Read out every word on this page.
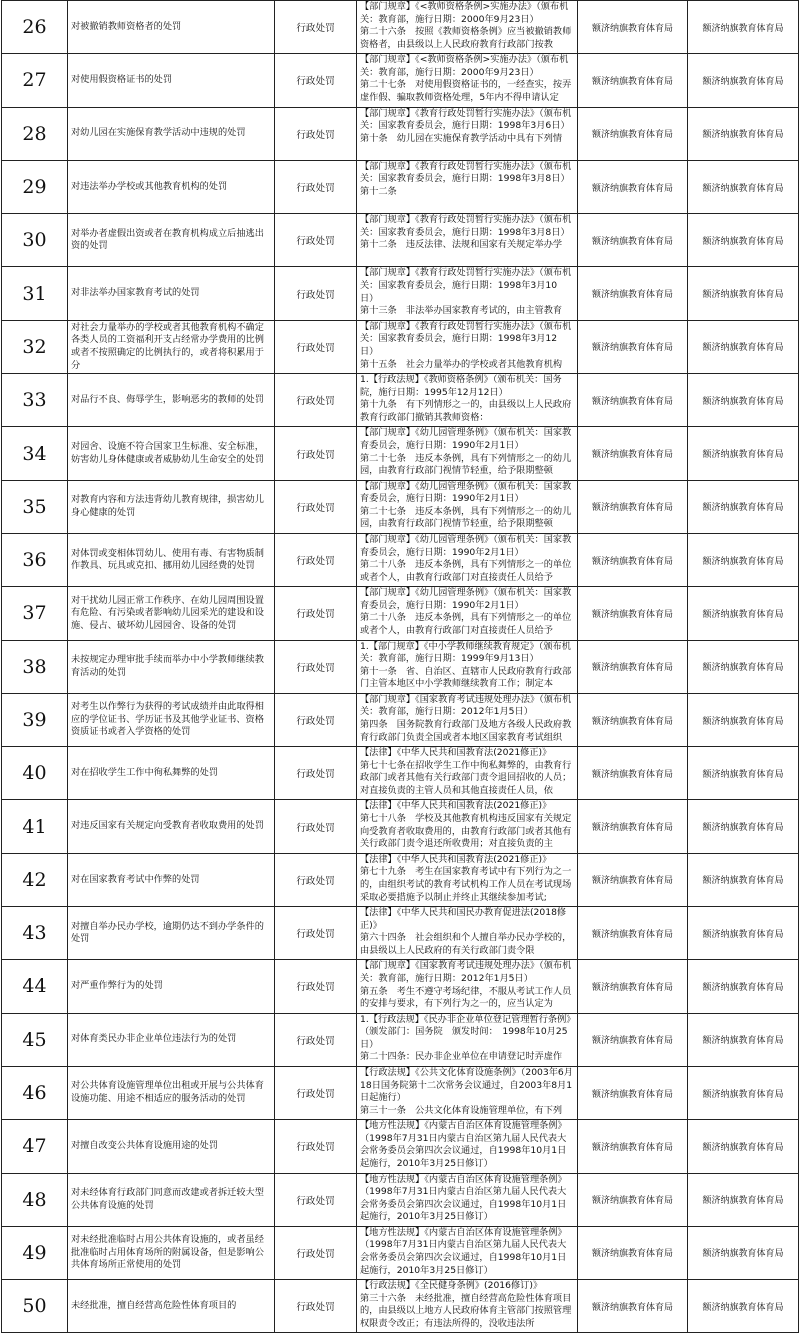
26	对被撤销教师资格者的处罚	行政处罚	【部门规章】《<教师资格条例>实施办法》（颁布机关：教育部，施行日期：2000年9月23日）
第二十六条　按照《教师资格条例》应当被撤销教师资格者，由县级以上人民政府教育行政部门按教	额济纳旗教育体育局	额济纳旗教育体育局
27	对使用假资格证书的处罚	行政处罚	【部门规章】《<教师资格条例>实施办法》（颁布机关：教育部，施行日期：2000年9月23日）
第二十七条　对使用假资格证书的，一经查实，按弄虚作假、骗取教师资格处理，5年内不得申请认定	额济纳旗教育体育局	额济纳旗教育体育局
28	对幼儿园在实施保育教学活动中违规的处罚	行政处罚	【部门规章】《教育行政处罚暂行实施办法》（颁布机关：国家教育委员会，施行日期：1998年3月6日）
第十条　幼儿园在实施保育教学活动中具有下列情	额济纳旗教育体育局	额济纳旗教育体育局
29	对违法举办学校或其他教育机构的处罚	行政处罚	【部门规章】《教育行政处罚暂行实施办法》（颁布机关：国家教育委员会，施行日期：1998年3月8日）
第十二条	额济纳旗教育体育局	额济纳旗教育体育局
30	对举办者虚假出资或者在教育机构成立后抽逃出资的处罚	行政处罚	【部门规章】《教育行政处罚暂行实施办法》（颁布机关：国家教育委员会，施行日期：1998年3月8日）
第十二条　违反法律、法规和国家有关规定举办学	额济纳旗教育体育局	额济纳旗教育体育局
31	对非法举办国家教育考试的处罚	行政处罚	【部门规章】《教育行政处罚暂行实施办法》（颁布机关：国家教育委员会，施行日期：1998年3月10日）
第十三条　非法举办国家教育考试的，由主管教育	额济纳旗教育体育局	额济纳旗教育体育局
32	对社会力量举办的学校或者其他教育机构不确定各类人员的工资福利开支占经常办学费用的比例或者不按照确定的比例执行的，或者将积累用于分	行政处罚	【部门规章】《教育行政处罚暂行实施办法》（颁布机关：国家教育委员会，施行日期：1998年3月12日）
第十五条　社会力量举办的学校或者其他教育机构	额济纳旗教育体育局	额济纳旗教育体育局
33	对品行不良、侮辱学生，影响恶劣的教师的处罚	行政处罚	1.【行政法规】《教师资格条例》（颁布机关：国务院，施行日期：1995年12月12日）
第十九条　有下列情形之一的，由县级以上人民政府教育行政部门撤销其教师资格：	额济纳旗教育体育局	额济纳旗教育体育局
34	对园舍、设施不符合国家卫生标准、安全标准，妨害幼儿身体健康或者威胁幼儿生命安全的处罚	行政处罚	【部门规章】《幼儿园管理条例》（颁布机关：国家教育委员会，施行日期：1990年2月1日）
第二十七条　违反本条例，具有下列情形之一的幼儿园，由教育行政部门视情节轻重，给予限期整顿	额济纳旗教育体育局	额济纳旗教育体育局
35	对教育内容和方法违背幼儿教育规律，损害幼儿身心健康的处罚	行政处罚	【部门规章】《幼儿园管理条例》（颁布机关：国家教育委员会，施行日期：1990年2月1日）
第二十七条　违反本条例，具有下列情形之一的幼儿园，由教育行政部门视情节轻重，给予限期整顿	额济纳旗教育体育局	额济纳旗教育体育局
36	对体罚或变相体罚幼儿、使用有毒、有害物质制作教具、玩具或克扣、挪用幼儿园经费的处罚	行政处罚	【部门规章】《幼儿园管理条例》（颁布机关：国家教育委员会，施行日期：1990年2月1日）
第二十八条　违反本条例，具有下列情形之一的单位或者个人，由教育行政部门对直接责任人员给予	额济纳旗教育体育局	额济纳旗教育体育局
37	对干扰幼儿园正常工作秩序、在幼儿园周围设置有危险、有污染或者影响幼儿园采光的建设和设施、侵占、破坏幼儿园园舍、设备的处罚	行政处罚	【部门规章】《幼儿园管理条例》（颁布机关：国家教育委员会，施行日期：1990年2月1日）
第二十八条　违反本条例，具有下列情形之一的单位或者个人，由教育行政部门对直接责任人员给予	额济纳旗教育体育局	额济纳旗教育体育局
38	未按规定办理审批手续而举办中小学教师继续教育活动的处罚	行政处罚	1.【部门规章】《中小学教师继续教育规定》（颁布机关：教育部，施行日期：1999年9月13日）
第十一条　省、自治区、直辖市人民政府教育行政部门主管本地区中小学教师继续教育工作；制定本	额济纳旗教育体育局	额济纳旗教育体育局
39	对考生以作弊行为获得的考试成绩并由此取得相应的学位证书、学历证书及其他学业证书、资格资质证书或者入学资格的处罚	行政处罚	【部门规章】《国家教育考试违规处理办法》（颁布机关：教育部，施行日期：2012年1月5日）
第四条　国务院教育行政部门及地方各级人民政府教育行政部门负责全国或者本地区国家教育考试组织	额济纳旗教育体育局	额济纳旗教育体育局
40	对在招收学生工作中徇私舞弊的处罚	行政处罚	【法律】《中华人民共和国教育法(2021修正)》
第七十七条在招收学生工作中徇私舞弊的，由教育行政部门或者其他有关行政部门责令退回招收的人员；对直接负责的主管人员和其他直接责任人员，依	额济纳旗教育体育局	额济纳旗教育体育局
41	对违反国家有关规定向受教育者收取费用的处罚	行政处罚	【法律】《中华人民共和国教育法(2021修正)》
第七十八条　学校及其他教育机构违反国家有关规定向受教育者收取费用的，由教育行政部门或者其他有关行政部门责令退还所收费用；对直接负责的主	额济纳旗教育体育局	额济纳旗教育体育局
42	对在国家教育考试中作弊的处罚	行政处罚	【法律】《中华人民共和国教育法(2021修正)》
第七十九条　考生在国家教育考试中有下列行为之一的，由组织考试的教育考试机构工作人员在考试现场采取必要措施予以制止并终止其继续参加考试;	额济纳旗教育体育局	额济纳旗教育体育局
43	对擅自举办民办学校，逾期仍达不到办学条件的处罚	行政处罚	【法律】《中华人民共和国民办教育促进法(2018修正)》
第六十四条　社会组织和个人擅自举办民办学校的，由县级以上人民政府的有关行政部门责令限	额济纳旗教育体育局	额济纳旗教育体育局
44	对严重作弊行为的处罚	行政处罚	【部门规章】《国家教育考试违规处理办法》（颁布机关：教育部，施行日期：2012年1月5日）
第五条　考生不遵守考场纪律，不服从考试工作人员的安排与要求，有下列行为之一的，应当认定为	额济纳旗教育体育局	额济纳旗教育体育局
45	对体育类民办非企业单位违法行为的处罚	行政处罚	1.【行政法规】《民办非企业单位登记管理暂行条例》（颁发部门：国务院　颁发时间：　1998年10月25日）
第二十四条：民办非企业单位在申请登记时弄虚作	额济纳旗教育体育局	额济纳旗教育体育局
46	对公共体育设施管理单位出租或开展与公共体育设施功能、用途不相适应的服务活动的处罚	行政处罚	【行政法规】《公共文化体育设施条例》（2003年6月18日国务院第十二次常务会议通过，自2003年8月1日起施行）
第三十一条　公共文化体育设施管理单位，有下列	额济纳旗教育体育局	额济纳旗教育体育局
47	对擅自改变公共体育设施用途的处罚	行政处罚	【地方性法规】《内蒙古自治区体育设施管理条例》（1998年7月31日内蒙古自治区第九届人民代表大会常务委员会第四次会议通过，自1998年10月1日起施行，2010年3月25日修订）	额济纳旗教育体育局	额济纳旗教育体育局
48	对未经体育行政部门同意而改建或者拆迁较大型公共体育设施的处罚	行政处罚	【地方性法规】《内蒙古自治区体育设施管理条例》（1998年7月31日内蒙古自治区第九届人民代表大会常务委员会第四次会议通过，自1998年10月1日起施行，2010年3月25日修订）	额济纳旗教育体育局	额济纳旗教育体育局
49	对未经批准临时占用公共体育设施的，或者虽经批准临时占用体育场所的附属设备，但是影响公共体育场所正常使用的处罚	行政处罚	【地方性法规】《内蒙古自治区体育设施管理条例》（1998年7月31日内蒙古自治区第九届人民代表大会常务委员会第四次会议通过，自1998年10月1日起施行，2010年3月25日修订）	额济纳旗教育体育局	额济纳旗教育体育局
50	未经批准，擅自经营高危险性体育项目的	行政处罚	【行政法规】《全民健身条例》(2016修订)》
第三十六条　未经批准，擅自经营高危险性体育项目的，由县级以上地方人民政府体育主管部门按照管理权限责令改正；有违法所得的，没收违法所	额济纳旗教育体育局	额济纳旗教育体育局
